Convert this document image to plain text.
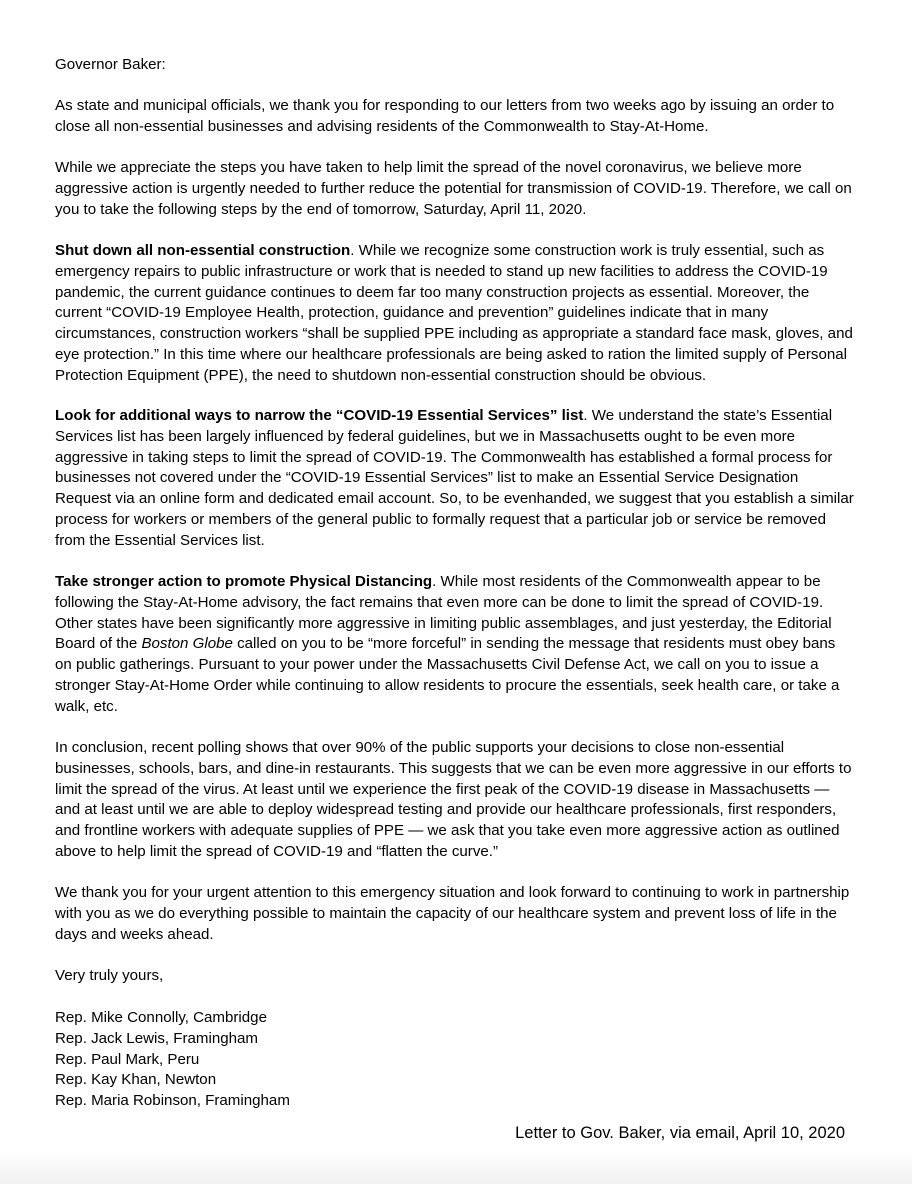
Governor Baker:

As state and municipal officials, we thank you for responding to our letters from two weeks ago by issuing an order to close all non-essential businesses and advising residents of the Commonwealth to Stay-At-Home.

While we appreciate the steps you have taken to help limit the spread of the novel coronavirus, we believe more aggressive action is urgently needed to further reduce the potential for transmission of COVID-19. Therefore, we call on you to take the following steps by the end of tomorrow, Saturday, April 11, 2020.

Shut down all non-essential construction. While we recognize some construction work is truly essential, such as emergency repairs to public infrastructure or work that is needed to stand up new facilities to address the COVID-19 pandemic, the current guidance continues to deem far too many construction projects as essential. Moreover, the current “COVID-19 Employee Health, protection, guidance and prevention” guidelines indicate that in many circumstances, construction workers “shall be supplied PPE including as appropriate a standard face mask, gloves, and eye protection.” In this time where our healthcare professionals are being asked to ration the limited supply of Personal Protection Equipment (PPE), the need to shutdown non-essential construction should be obvious.

Look for additional ways to narrow the “COVID-19 Essential Services” list. We understand the state’s Essential Services list has been largely influenced by federal guidelines, but we in Massachusetts ought to be even more aggressive in taking steps to limit the spread of COVID-19. The Commonwealth has established a formal process for businesses not covered under the “COVID-19 Essential Services” list to make an Essential Service Designation Request via an online form and dedicated email account. So, to be evenhanded, we suggest that you establish a similar process for workers or members of the general public to formally request that a particular job or service be removed from the Essential Services list.

Take stronger action to promote Physical Distancing. While most residents of the Commonwealth appear to be following the Stay-At-Home advisory, the fact remains that even more can be done to limit the spread of COVID-19. Other states have been significantly more aggressive in limiting public assemblages, and just yesterday, the Editorial Board of the Boston Globe called on you to be “more forceful” in sending the message that residents must obey bans on public gatherings. Pursuant to your power under the Massachusetts Civil Defense Act, we call on you to issue a stronger Stay-At-Home Order while continuing to allow residents to procure the essentials, seek health care, or take a walk, etc.

In conclusion, recent polling shows that over 90% of the public supports your decisions to close non-essential businesses, schools, bars, and dine-in restaurants. This suggests that we can be even more aggressive in our efforts to limit the spread of the virus. At least until we experience the first peak of the COVID-19 disease in Massachusetts — and at least until we are able to deploy widespread testing and provide our healthcare professionals, first responders, and frontline workers with adequate supplies of PPE — we ask that you take even more aggressive action as outlined above to help limit the spread of COVID-19 and “flatten the curve.”

We thank you for your urgent attention to this emergency situation and look forward to continuing to work in partnership with you as we do everything possible to maintain the capacity of our healthcare system and prevent loss of life in the days and weeks ahead.

Very truly yours,

Rep. Mike Connolly, Cambridge
Rep. Jack Lewis, Framingham
Rep. Paul Mark, Peru
Rep. Kay Khan, Newton
Rep. Maria Robinson, Framingham
Letter to Gov. Baker, via email, April 10, 2020
